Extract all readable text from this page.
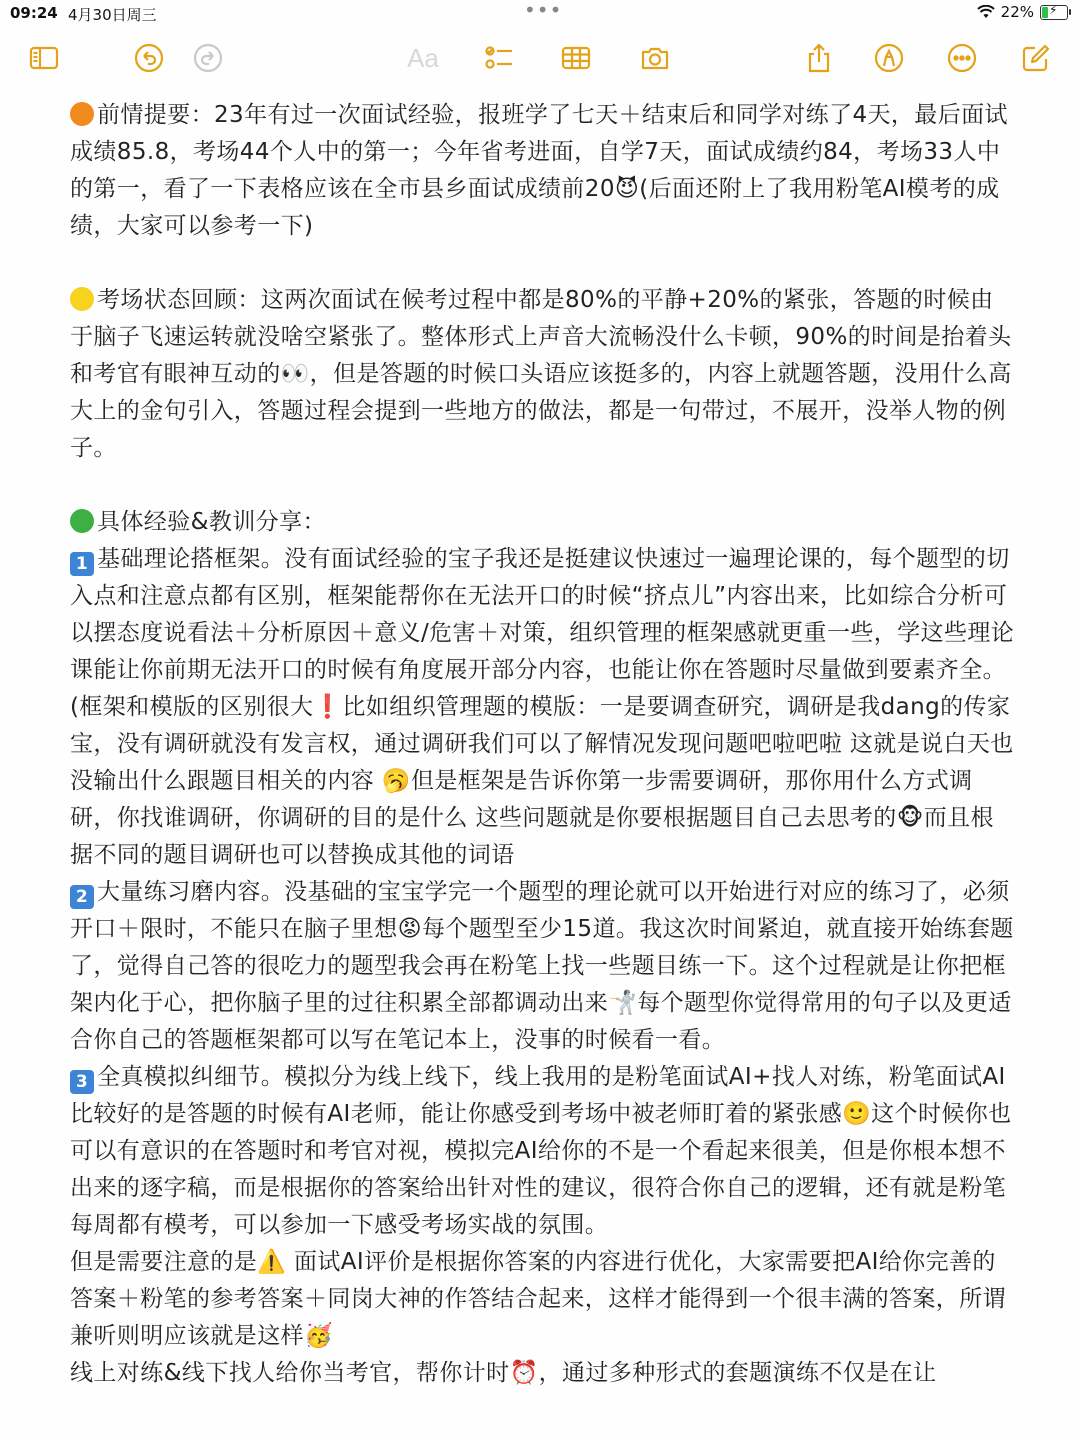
09:24 4月30日周三	•••	22% ⚡
Aa

前情提要：23年有过一次面试经验，报班学了七天＋结束后和同学对练了4天，最后面试成绩85.8，考场44个人中的第一；今年省考进面，自学7天，面试成绩约84，考场33人中的第一，看了一下表格应该在全市县乡面试成绩前20😈(后面还附上了我用粉笔AI模考的成绩，大家可以参考一下)

考场状态回顾：这两次面试在候考过程中都是80%的平静+20%的紧张，答题的时候由于脑子飞速运转就没啥空紧张了。整体形式上声音大流畅没什么卡顿，90%的时间是抬着头和考官有眼神互动的👀，但是答题的时候口头语应该挺多的，内容上就题答题，没用什么高大上的金句引入，答题过程会提到一些地方的做法，都是一句带过，不展开，没举人物的例子。

具体经验&教训分享：

1 基础理论搭框架。没有面试经验的宝子我还是挺建议快速过一遍理论课的，每个题型的切入点和注意点都有区别，框架能帮你在无法开口的时候“挤点儿”内容出来，比如综合分析可以摆态度说看法＋分析原因＋意义/危害＋对策，组织管理的框架感就更重一些，学这些理论课能让你前期无法开口的时候有角度展开部分内容，也能让你在答题时尽量做到要素齐全。

(框架和模版的区别很大❗比如组织管理题的模版：一是要调查研究，调研是我dang的传家宝，没有调研就没有发言权，通过调研我们可以了解情况发现问题吧啦吧啦 这就是说白天也没输出什么跟题目相关的内容 🥱但是框架是告诉你第一步需要调研，那你用什么方式调研，你找谁调研，你调研的目的是什么 这些问题就是你要根据题目自己去思考的🐵而且根据不同的题目调研也可以替换成其他的词语

2 大量练习磨内容。没基础的宝宝学完一个题型的理论就可以开始进行对应的练习了，必须开口＋限时，不能只在脑子里想😡每个题型至少15道。我这次时间紧迫，就直接开始练套题了，觉得自己答的很吃力的题型我会再在粉笔上找一些题目练一下。这个过程就是让你把框架内化于心，把你脑子里的过往积累全部都调动出来🤺每个题型你觉得常用的句子以及更适合你自己的答题框架都可以写在笔记本上，没事的时候看一看。

3 全真模拟纠细节。模拟分为线上线下，线上我用的是粉笔面试AI+找人对练，粉笔面试AI比较好的是答题的时候有AI老师，能让你感受到考场中被老师盯着的紧张感🙂这个时候你也可以有意识的在答题时和考官对视，模拟完AI给你的不是一个看起来很美，但是你根本想不出来的逐字稿，而是根据你的答案给出针对性的建议，很符合你自己的逻辑，还有就是粉笔每周都有模考，可以参加一下感受考场实战的氛围。

但是需要注意的是⚠️ 面试AI评价是根据你答案的内容进行优化，大家需要把AI给你完善的答案＋粉笔的参考答案＋同岗大神的作答结合起来，这样才能得到一个很丰满的答案，所谓兼听则明应该就是这样🥳

线上对练&线下找人给你当考官，帮你计时⏰，通过多种形式的套题演练不仅是在让
